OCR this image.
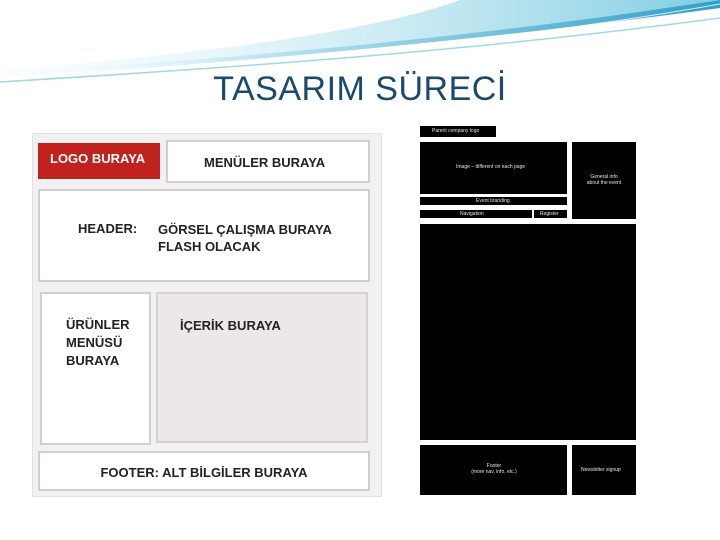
TASARIM SÜRECİ
LOGO BURAYA	MENÜLER BURAYA
HEADER: GÖRSEL ÇALIŞMA BURAYA
FLASH OLACAK
ÜRÜNLER
MENÜSÜ
BURAYA
İÇERİK BURAYA
FOOTER: ALT BİLGİLER BURAYA
Parent company logo
Image – different on each page
General info
about the event
Event branding
Navigation	Register
Footer
(more nav, info, etc.)	Newsletter signup
